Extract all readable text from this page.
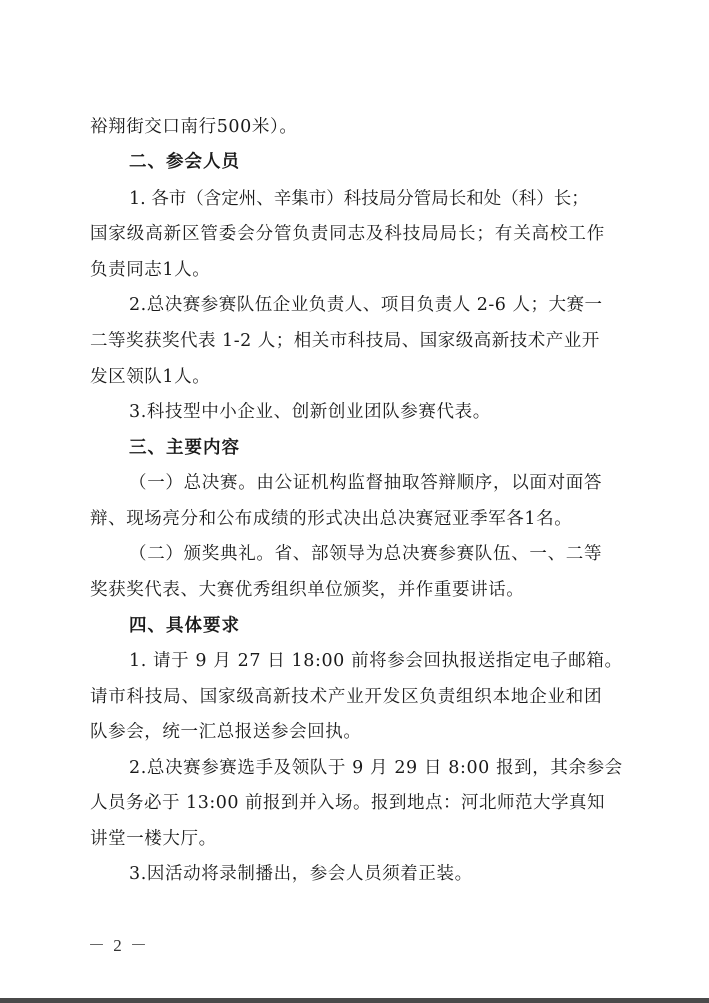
裕翔街交口南行500米）。
二、参会人员
1. 各市（含定州、辛集市）科技局分管局长和处（科）长；
国家级高新区管委会分管负责同志及科技局局长；有关高校工作
负责同志1人。
2.总决赛参赛队伍企业负责人、项目负责人 2-6 人；大赛一
二等奖获奖代表 1-2 人；相关市科技局、国家级高新技术产业开
发区领队1人。
3.科技型中小企业、创新创业团队参赛代表。
三、主要内容
（一）总决赛。由公证机构监督抽取答辩顺序，以面对面答
辩、现场亮分和公布成绩的形式决出总决赛冠亚季军各1名。
（二）颁奖典礼。省、部领导为总决赛参赛队伍、一、二等
奖获奖代表、大赛优秀组织单位颁奖，并作重要讲话。
四、具体要求
1. 请于 9 月 27 日 18:00 前将参会回执报送指定电子邮箱。
请市科技局、国家级高新技术产业开发区负责组织本地企业和团
队参会，统一汇总报送参会回执。
2.总决赛参赛选手及领队于 9 月 29 日 8:00 报到，其余参会
人员务必于 13:00 前报到并入场。报到地点：河北师范大学真知
讲堂一楼大厅。
3.因活动将录制播出，参会人员须着正装。
－ 2 －
